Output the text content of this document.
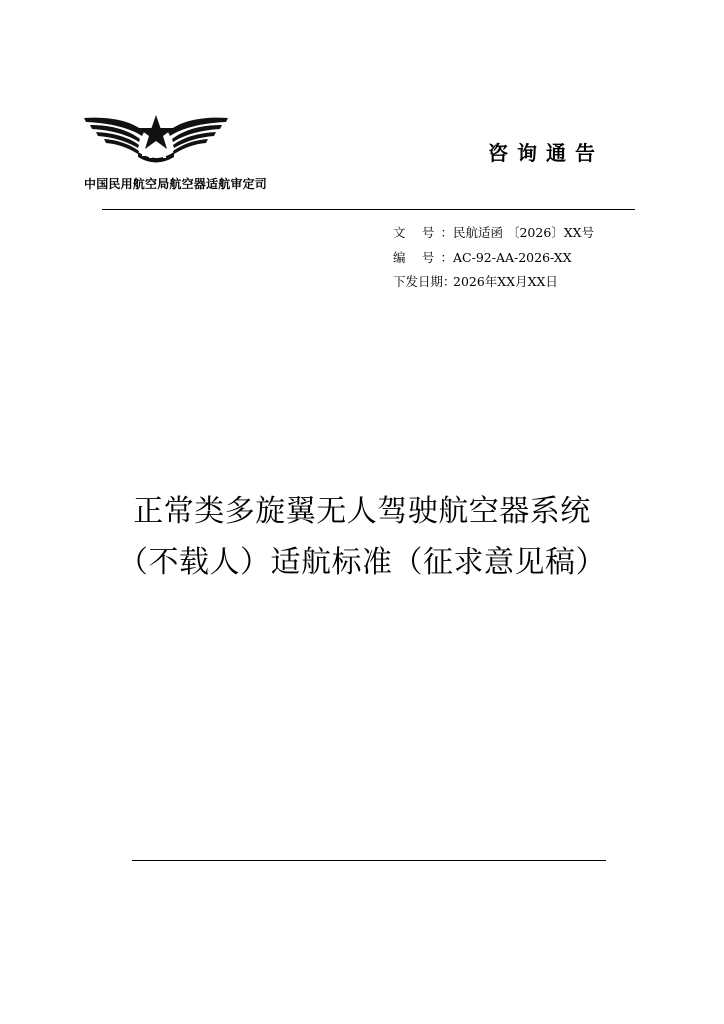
中国民用航空局航空器适航审定司
咨询通告
文 号： 民航适函 〔2026〕XX号
编 号： AC-92-AA-2026-XX
下发日期：
2026年XX月XX日
正常类多旋翼无人驾驶航空器系统
（不载人）适航标准（征求意见稿）
